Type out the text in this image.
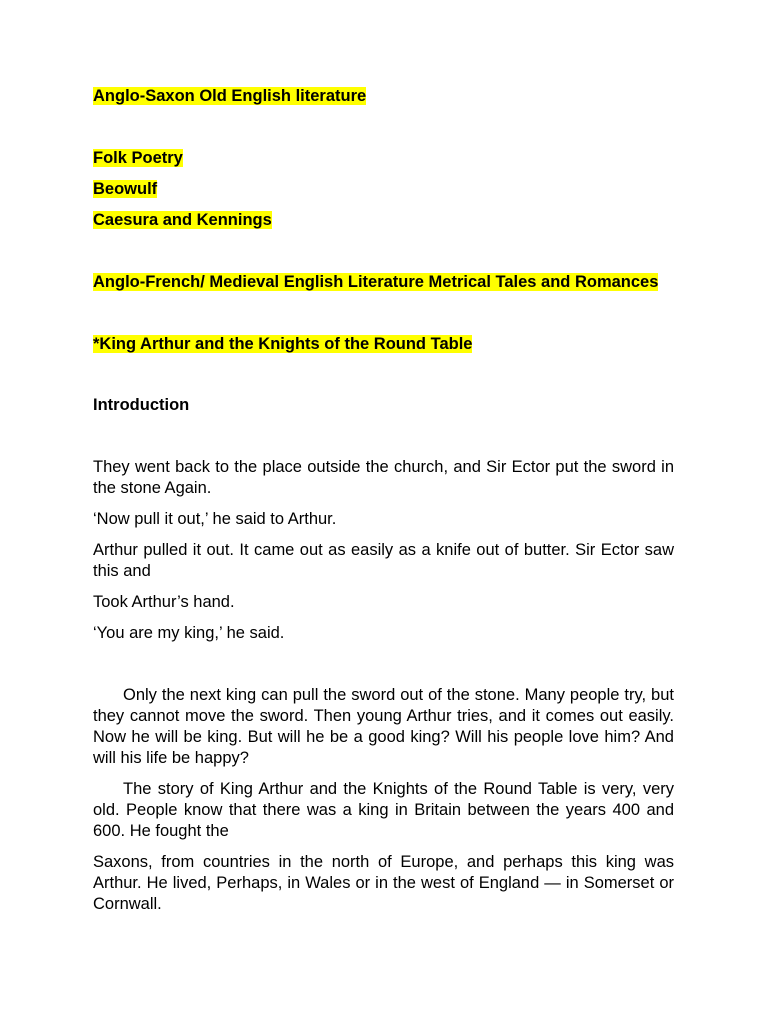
Anglo-Saxon Old English literature

Folk Poetry

Beowulf

Caesura and Kennings

Anglo-French/ Medieval English Literature Metrical Tales and Romances

*King Arthur and the Knights of the Round Table

Introduction

They went back to the place outside the church, and Sir Ector put the sword in the stone Again.

‘Now pull it out,’ he said to Arthur.

Arthur pulled it out. It came out as easily as a knife out of butter. Sir Ector saw this and

Took Arthur’s hand.

‘You are my king,’ he said.

Only the next king can pull the sword out of the stone. Many people try, but they cannot move the sword. Then young Arthur tries, and it comes out easily. Now he will be king. But will he be a good king? Will his people love him? And will his life be happy?

The story of King Arthur and the Knights of the Round Table is very, very old. People know that there was a king in Britain between the years 400 and 600. He fought the

Saxons, from countries in the north of Europe, and perhaps this king was Arthur. He lived, Perhaps, in Wales or in the west of England — in Somerset or Cornwall.
